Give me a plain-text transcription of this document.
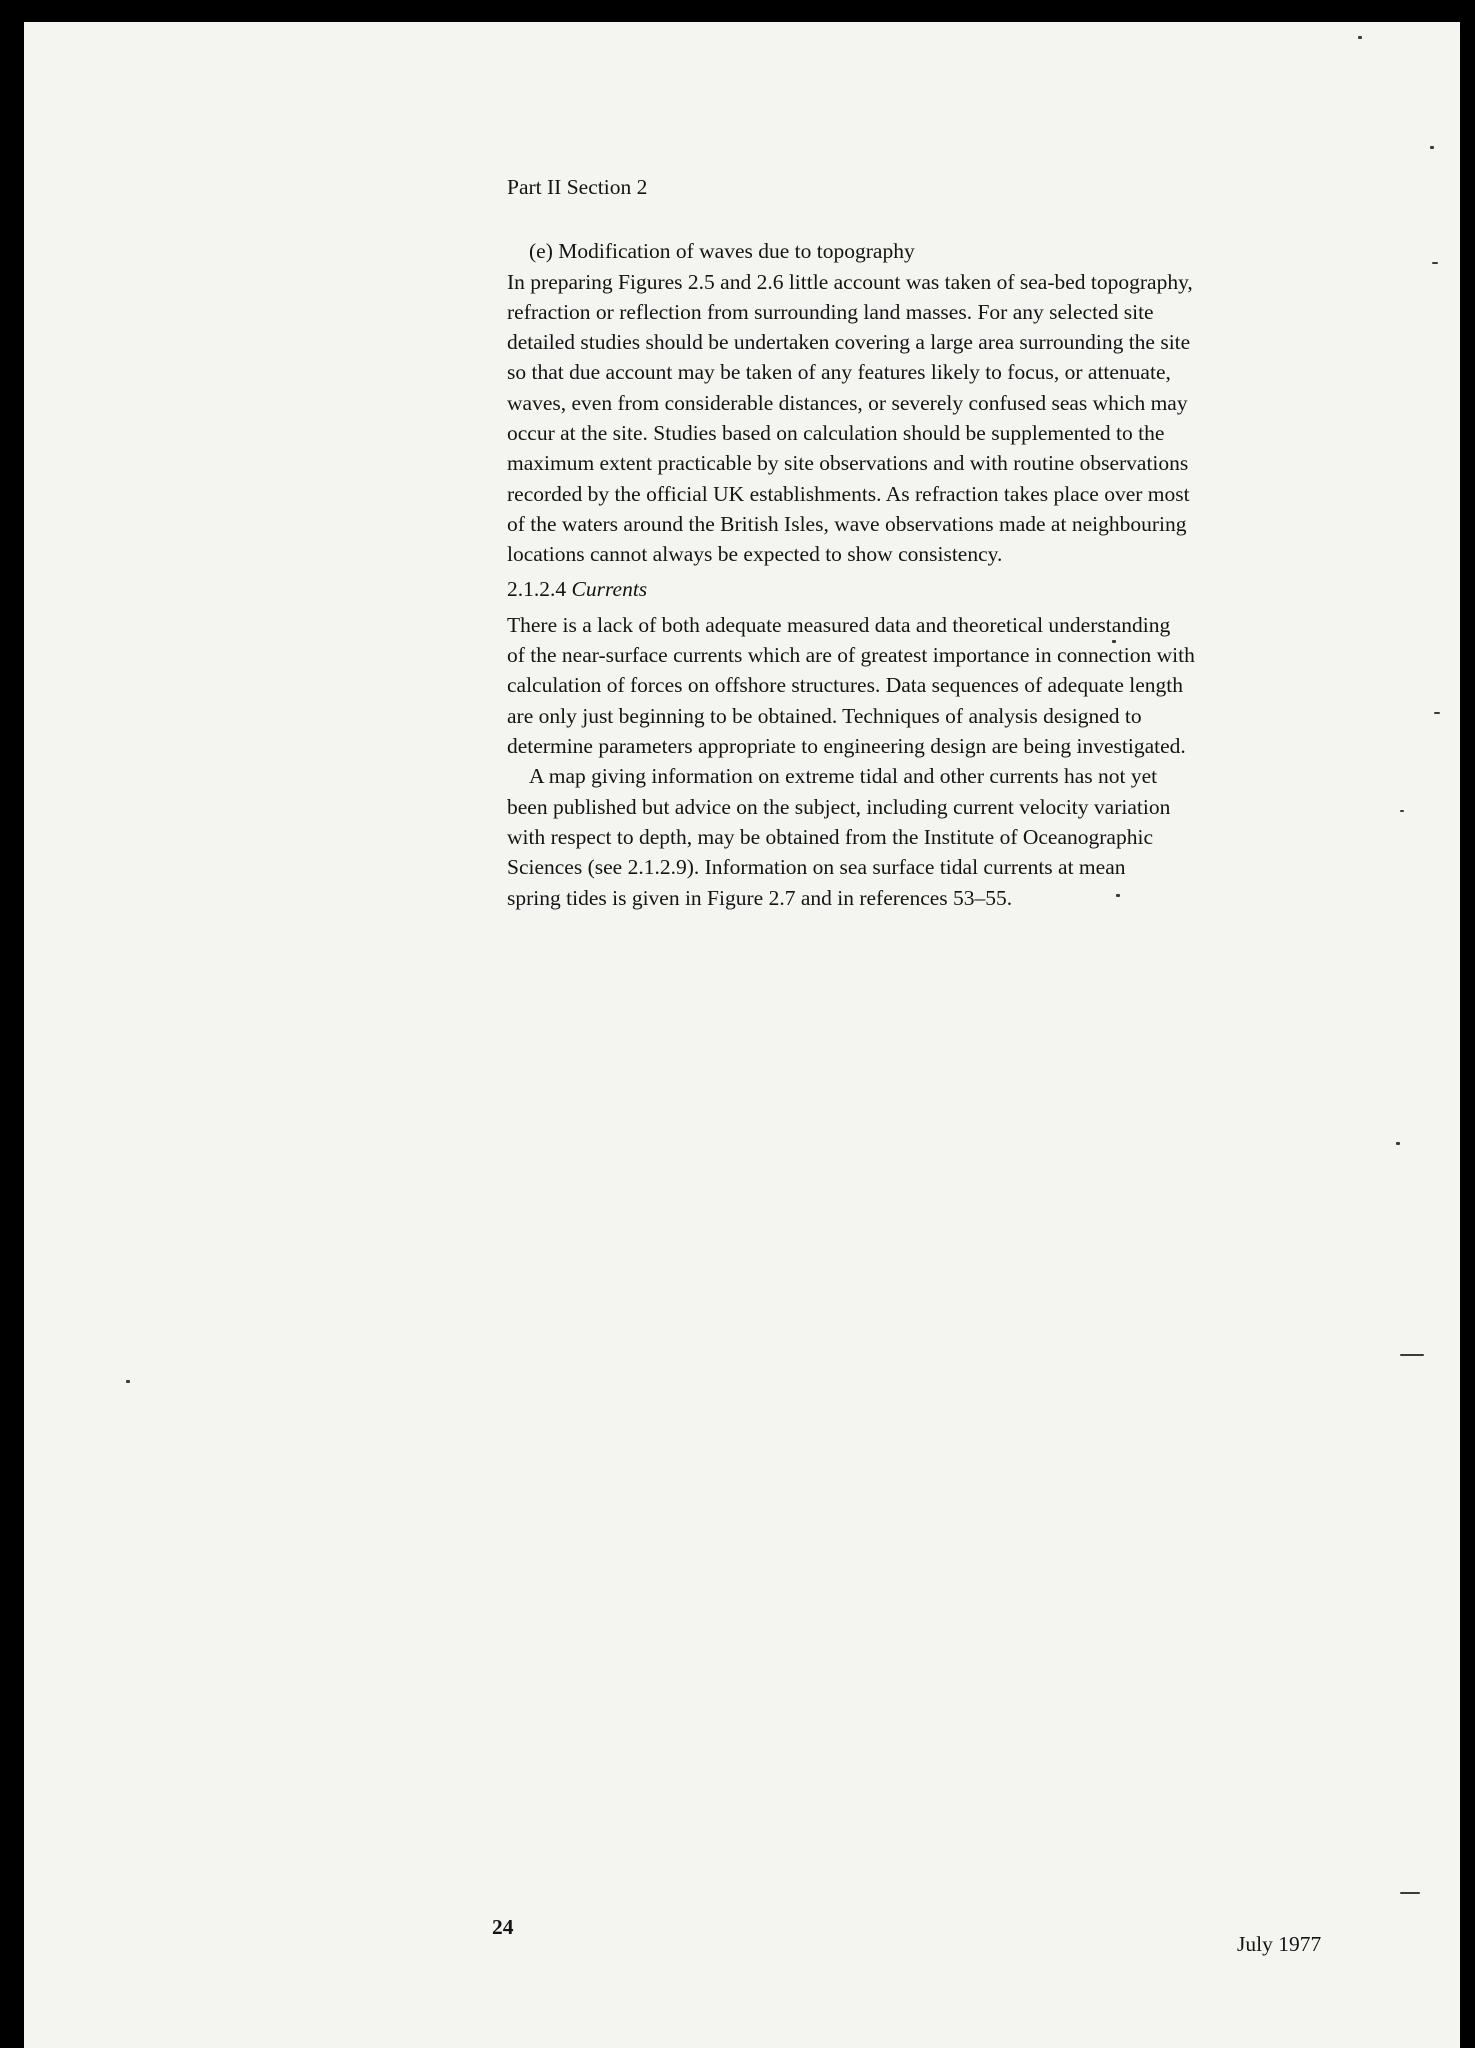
Part II Section 2
(e) Modification of waves due to topography
In preparing Figures 2.5 and 2.6 little account was taken of sea-bed topography,
refraction or reflection from surrounding land masses. For any selected site
detailed studies should be undertaken covering a large area surrounding the site
so that due account may be taken of any features likely to focus, or attenuate,
waves, even from considerable distances, or severely confused seas which may
occur at the site. Studies based on calculation should be supplemented to the
maximum extent practicable by site observations and with routine observations
recorded by the official UK establishments. As refraction takes place over most
of the waters around the British Isles, wave observations made at neighbouring
locations cannot always be expected to show consistency.
2.1.2.4 Currents
There is a lack of both adequate measured data and theoretical understanding
of the near-surface currents which are of greatest importance in connection with
calculation of forces on offshore structures. Data sequences of adequate length
are only just beginning to be obtained. Techniques of analysis designed to
determine parameters appropriate to engineering design are being investigated.
A map giving information on extreme tidal and other currents has not yet
been published but advice on the subject, including current velocity variation
with respect to depth, may be obtained from the Institute of Oceanographic
Sciences (see 2.1.2.9). Information on sea surface tidal currents at mean
spring tides is given in Figure 2.7 and in references 53–55.
24
July 1977
